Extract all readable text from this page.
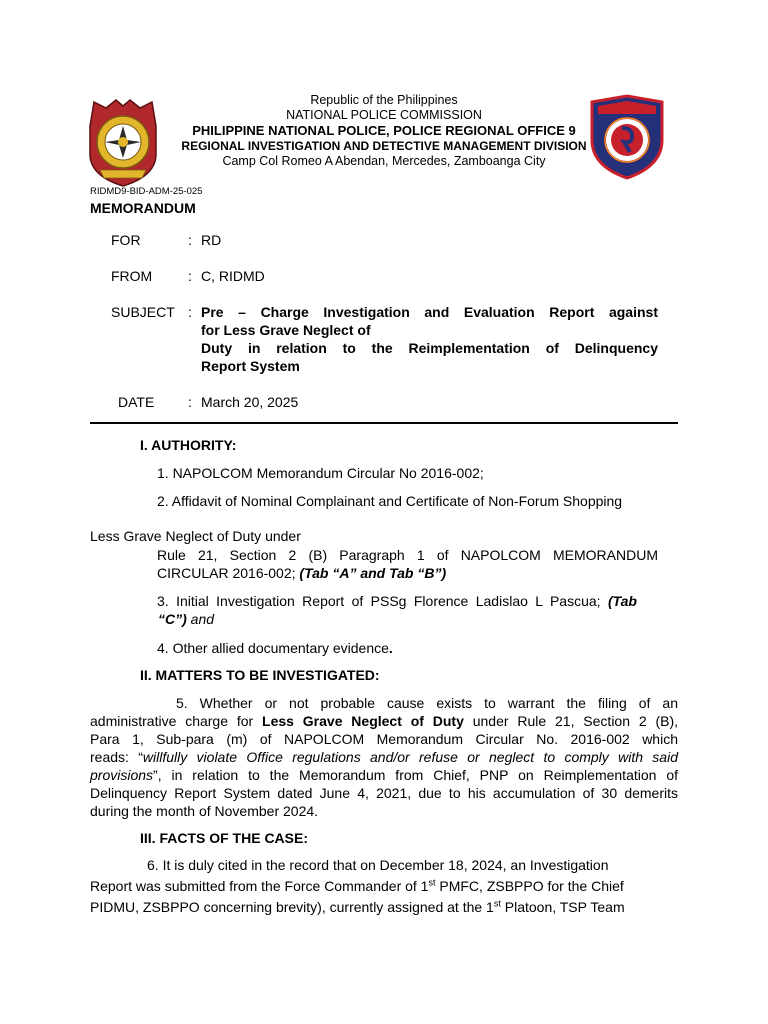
Republic of the Philippines
NATIONAL POLICE COMMISSION
PHILIPPINE NATIONAL POLICE, POLICE REGIONAL OFFICE 9
REGIONAL INVESTIGATION AND DETECTIVE MANAGEMENT DIVISION
Camp Col Romeo A Abendan, Mercedes, Zamboanga City
RIDMD9-BID-ADM-25-025
MEMORANDUM
FOR	: RD
FROM	: C, RIDMD
SUBJECT : Pre – Charge Investigation and Evaluation Report against
for Less Grave Neglect of
Duty in relation to the Reimplementation of Delinquency
Report System
DATE : March 20, 2025
I. AUTHORITY:
1. NAPOLCOM Memorandum Circular No 2016-002;
2. Affidavit of Nominal Complainant and Certificate of Non-Forum Shopping
Less Grave Neglect of Duty under
Rule 21, Section 2 (B) Paragraph 1 of NAPOLCOM MEMORANDUM
CIRCULAR 2016-002; (Tab “A” and Tab “B”)
3. Initial Investigation Report of PSSg Florence Ladislao L Pascua; (Tab
“C”) and
4. Other allied documentary evidence.
II. MATTERS TO BE INVESTIGATED:
5. Whether or not probable cause exists to warrant the filing of an
administrative charge for Less Grave Neglect of Duty under Rule 21, Section 2 (B),
Para 1, Sub-para (m) of NAPOLCOM Memorandum Circular No. 2016-002 which
reads: “willfully violate Office regulations and/or refuse or neglect to comply with said
provisions”, in relation to the Memorandum from Chief, PNP on Reimplementation of
Delinquency Report System dated June 4, 2021, due to his accumulation of 30 demerits
during the month of November 2024.
III. FACTS OF THE CASE:
6. It is duly cited in the record that on December 18, 2024, an Investigation
Report was submitted from the Force Commander of 1st PMFC, ZSBPPO for the Chief
PIDMU, ZSBPPO concerning brevity), currently assigned at the 1st Platoon, TSP Team
